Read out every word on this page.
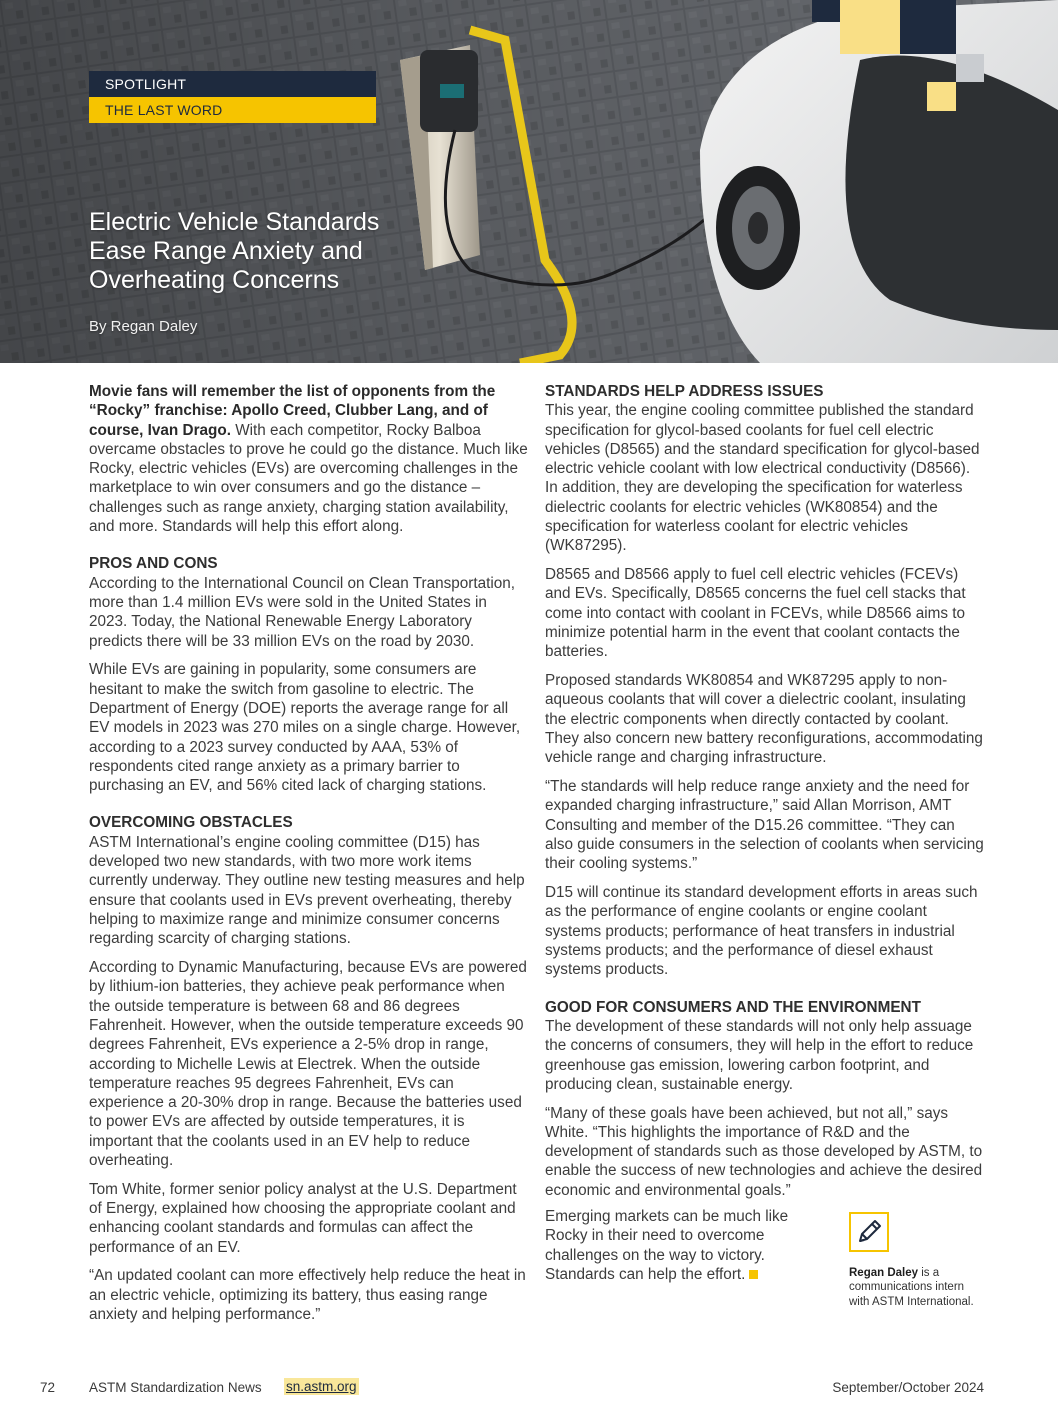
SPOTLIGHT
THE LAST WORD
Electric Vehicle Standards Ease Range Anxiety and Overheating Concerns
By Regan Daley

Movie fans will remember the list of opponents from the “Rocky” franchise: Apollo Creed, Clubber Lang, and of course, Ivan Drago. With each competitor, Rocky Balboa overcame obstacles to prove he could go the distance. Much like Rocky, electric vehicles (EVs) are overcoming challenges in the marketplace to win over consumers and go the distance – challenges such as range anxiety, charging station availability, and more. Standards will help this effort along.

PROS AND CONS

According to the International Council on Clean Transportation, more than 1.4 million EVs were sold in the United States in 2023. Today, the National Renewable Energy Laboratory predicts there will be 33 million EVs on the road by 2030.

While EVs are gaining in popularity, some consumers are hesitant to make the switch from gasoline to electric. The Department of Energy (DOE) reports the average range for all EV models in 2023 was 270 miles on a single charge. However, according to a 2023 survey conducted by AAA, 53% of respondents cited range anxiety as a primary barrier to purchasing an EV, and 56% cited lack of charging stations.

OVERCOMING OBSTACLES

ASTM International’s engine cooling committee (D15) has developed two new standards, with two more work items currently underway. They outline new testing measures and help ensure that coolants used in EVs prevent overheating, thereby helping to maximize range and minimize consumer concerns regarding scarcity of charging stations.

According to Dynamic Manufacturing, because EVs are powered by lithium-ion batteries, they achieve peak performance when the outside temperature is between 68 and 86 degrees Fahrenheit. However, when the outside temperature exceeds 90 degrees Fahrenheit, EVs experience a 2-5% drop in range, according to Michelle Lewis at Electrek. When the outside temperature reaches 95 degrees Fahrenheit, EVs can experience a 20-30% drop in range. Because the batteries used to power EVs are affected by outside temperatures, it is important that the coolants used in an EV help to reduce overheating.

Tom White, former senior policy analyst at the U.S. Department of Energy, explained how choosing the appropriate coolant and enhancing coolant standards and formulas can affect the performance of an EV.

“An updated coolant can more effectively help reduce the heat in an electric vehicle, optimizing its battery, thus easing range anxiety and helping performance.”

STANDARDS HELP ADDRESS ISSUES

This year, the engine cooling committee published the standard specification for glycol-based coolants for fuel cell electric vehicles (D8565) and the standard specification for glycol-based electric vehicle coolant with low electrical conductivity (D8566). In addition, they are developing the specification for waterless dielectric coolants for electric vehicles (WK80854) and the specification for waterless coolant for electric vehicles (WK87295).

D8565 and D8566 apply to fuel cell electric vehicles (FCEVs) and EVs. Specifically, D8565 concerns the fuel cell stacks that come into contact with coolant in FCEVs, while D8566 aims to minimize potential harm in the event that coolant contacts the batteries.

Proposed standards WK80854 and WK87295 apply to non-aqueous coolants that will cover a dielectric coolant, insulating the electric components when directly contacted by coolant. They also concern new battery reconfigurations, accommodating vehicle range and charging infrastructure.

“The standards will help reduce range anxiety and the need for expanded charging infrastructure,” said Allan Morrison, AMT Consulting and member of the D15.26 committee. “They can also guide consumers in the selection of coolants when servicing their cooling systems.”

D15 will continue its standard development efforts in areas such as the performance of engine coolants or engine coolant systems products; performance of heat transfers in industrial systems products; and the performance of diesel exhaust systems products.

GOOD FOR CONSUMERS AND THE ENVIRONMENT

The development of these standards will not only help assuage the concerns of consumers, they will help in the effort to reduce greenhouse gas emission, lowering carbon footprint, and producing clean, sustainable energy.

“Many of these goals have been achieved, but not all,” says White. “This highlights the importance of R&D and the development of standards such as those developed by ASTM, to enable the success of new technologies and achieve the desired economic and environmental goals.”

Emerging markets can be much like Rocky in their need to overcome challenges on the way to victory. Standards can help the effort.	Regan Daley is a communications intern with ASTM International.
72	ASTM Standardization News sn.astm.org	September/October 2024
